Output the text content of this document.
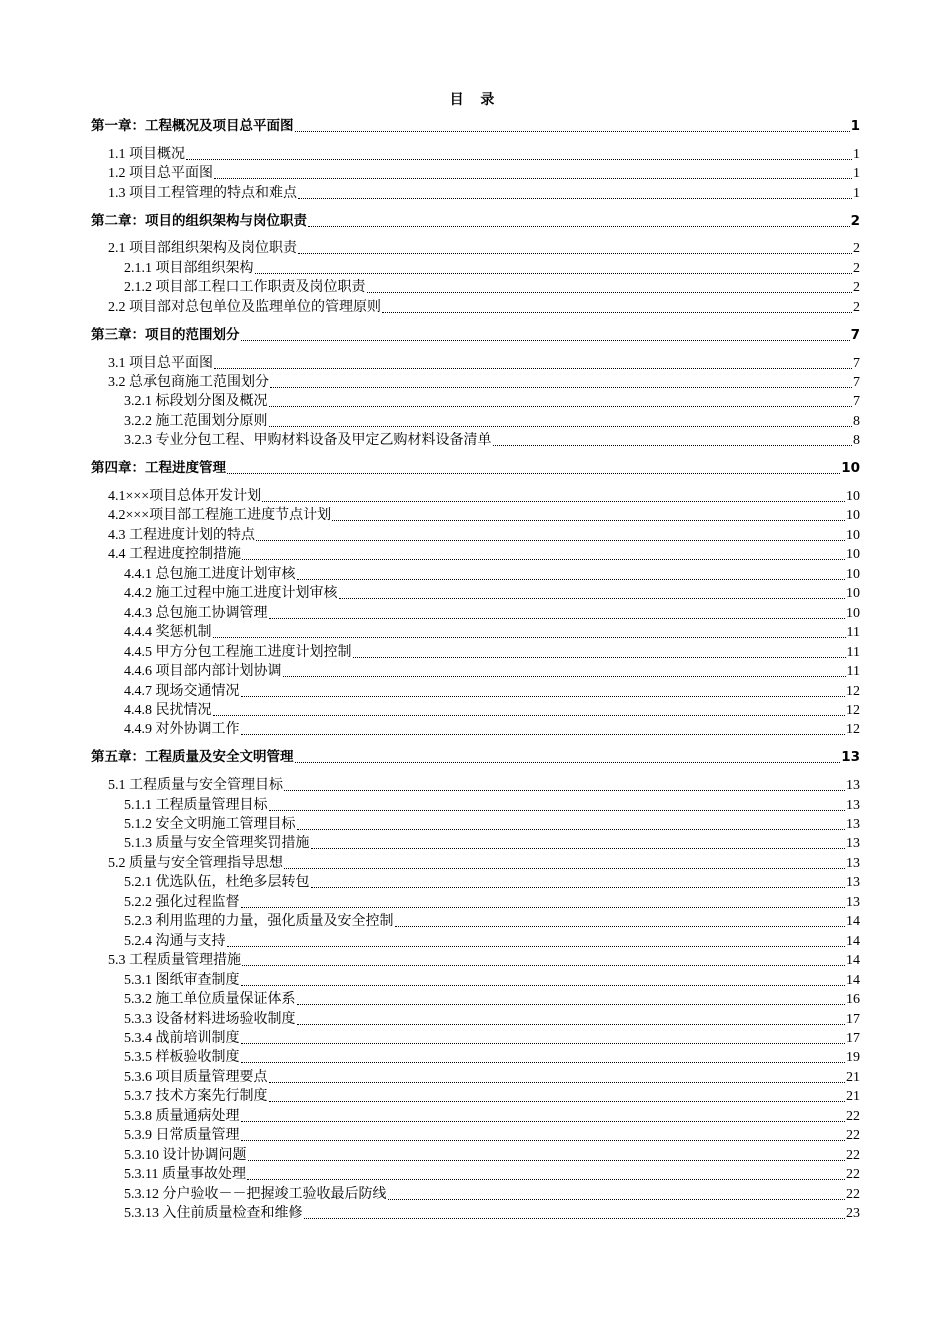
目 录
第一章：工程概况及项目总平面图	1
1.1 项目概况	1
1.2 项目总平面图	1
1.3 项目工程管理的特点和难点	1
第二章：项目的组织架构与岗位职责	2
2.1 项目部组织架构及岗位职责	2
2.1.1 项目部组织架构	2
2.1.2 项目部工程口工作职责及岗位职责	2
2.2 项目部对总包单位及监理单位的管理原则	2
第三章：项目的范围划分	7
3.1 项目总平面图	7
3.2 总承包商施工范围划分	7
3.2.1 标段划分图及概况	7
3.2.2 施工范围划分原则	8
3.2.3 专业分包工程、甲购材料设备及甲定乙购材料设备清单	8
第四章：工程进度管理	10
4.1×××项目总体开发计划	10
4.2×××项目部工程施工进度节点计划	10
4.3 工程进度计划的特点	10
4.4 工程进度控制措施	10
4.4.1 总包施工进度计划审核	10
4.4.2 施工过程中施工进度计划审核	10
4.4.3 总包施工协调管理	10
4.4.4 奖惩机制	11
4.4.5 甲方分包工程施工进度计划控制	11
4.4.6 项目部内部计划协调	11
4.4.7 现场交通情况	12
4.4.8 民扰情况	12
4.4.9 对外协调工作	12
第五章：工程质量及安全文明管理	13
5.1 工程质量与安全管理目标	13
5.1.1 工程质量管理目标	13
5.1.2 安全文明施工管理目标	13
5.1.3 质量与安全管理奖罚措施	13
5.2 质量与安全管理指导思想	13
5.2.1 优选队伍，杜绝多层转包	13
5.2.2 强化过程监督	13
5.2.3 利用监理的力量，强化质量及安全控制	14
5.2.4 沟通与支持	14
5.3 工程质量管理措施	14
5.3.1 图纸审查制度	14
5.3.2 施工单位质量保证体系	16
5.3.3 设备材料进场验收制度	17
5.3.4 战前培训制度	17
5.3.5 样板验收制度	19
5.3.6 项目质量管理要点	21
5.3.7 技术方案先行制度	21
5.3.8 质量通病处理	22
5.3.9 日常质量管理	22
5.3.10 设计协调问题	22
5.3.11 质量事故处理	22
5.3.12 分户验收－－把握竣工验收最后防线	22
5.3.13 入住前质量检查和维修	23
